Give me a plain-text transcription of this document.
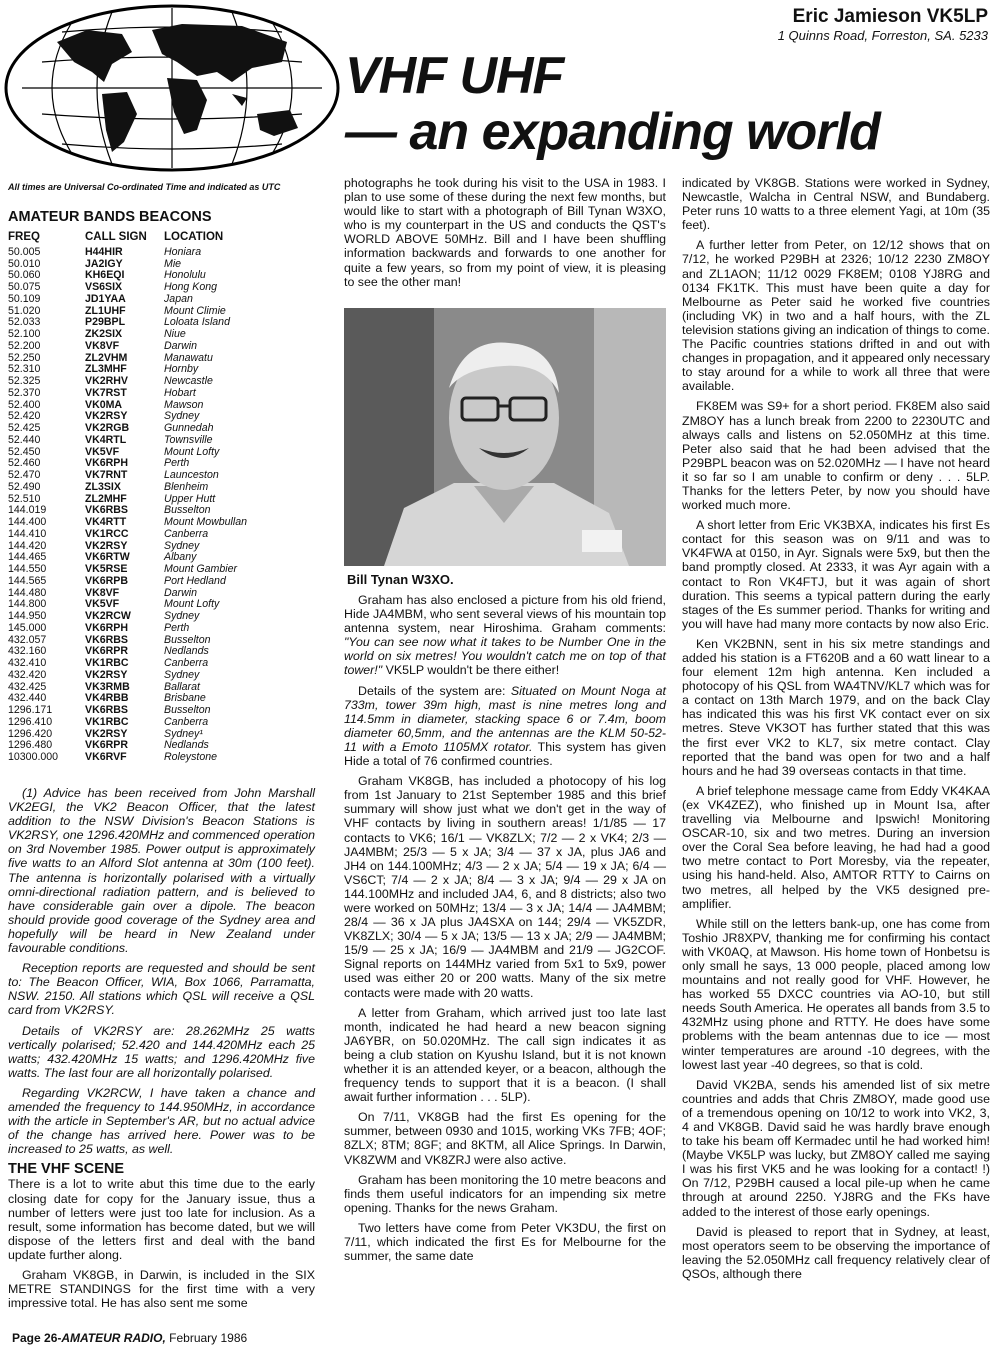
Eric Jamieson VK5LP
1 Quinns Road, Forreston, SA. 5233
VHF UHF
— an expanding world
All times are Universal Co-ordinated Time and indicated as UTC
AMATEUR BANDS BEACONS
FREQ	CALL SIGN	LOCATION
50.005	H44HIR	Honiara
50.010	JA2IGY	Mie
50.060	KH6EQI	Honolulu
50.075	VS6SIX	Hong Kong
50.109	JD1YAA	Japan
51.020	ZL1UHF	Mount Climie
52.033	P29BPL	Loloata Island
52.100	ZK2SIX	Niue
52.200	VK8VF	Darwin
52.250	ZL2VHM	Manawatu
52.310	ZL3MHF	Hornby
52.325	VK2RHV	Newcastle
52.370	VK7RST	Hobart
52.400	VK0MA	Mawson
52.420	VK2RSY	Sydney
52.425	VK2RGB	Gunnedah
52.440	VK4RTL	Townsville
52.450	VK5VF	Mount Lofty
52.460	VK6RPH	Perth
52.470	VK7RNT	Launceston
52.490	ZL3SIX	Blenheim
52.510	ZL2MHF	Upper Hutt
144.019	VK6RBS	Busselton
144.400	VK4RTT	Mount Mowbullan
144.410	VK1RCC	Canberra
144.420	VK2RSY	Sydney
144.465	VK6RTW	Albany
144.550	VK5RSE	Mount Gambier
144.565	VK6RPB	Port Hedland
144.480	VK8VF	Darwin
144.800	VK5VF	Mount Lofty
144.950	VK2RCW	Sydney
145.000	VK6RPH	Perth
432.057	VK6RBS	Busselton
432.160	VK6RPR	Nedlands
432.410	VK1RBC	Canberra
432.420	VK2RSY	Sydney
432.425	VK3RMB	Ballarat
432.440	VK4RBB	Brisbane
1296.171	VK6RBS	Busselton
1296.410	VK1RBC	Canberra
1296.420	VK2RSY	Sydney¹
1296.480	VK6RPR	Nedlands
10300.000	VK6RVF	Roleystone

(1) Advice has been received from John Marshall VK2EGI, the VK2 Beacon Officer, that the latest addition to the NSW Division's Beacon Stations is VK2RSY, one 1296.420MHz and commenced operation on 3rd November 1985. Power output is approximately five watts to an Alford Slot antenna at 30m (100 feet). The antenna is horizontally polarised with a virtually omni-directional radiation pattern, and is believed to have considerable gain over a dipole. The beacon should provide good coverage of the Sydney area and hopefully will be heard in New Zealand under favourable conditions.

Reception reports are requested and should be sent to: The Beacon Officer, WIA, Box 1066, Parramatta, NSW. 2150. All stations which QSL will receive a QSL card from VK2RSY.

Details of VK2RSY are: 28.262MHz 25 watts vertically polarised; 52.420 and 144.420MHz each 25 watts; 432.420MHz 15 watts; and 1296.420MHz five watts. The last four are all horizontally polarised.

Regarding VK2RCW, I have taken a chance and amended the frequency to 144.950MHz, in accordance with the article in September's AR, but no actual advice of the change has arrived here. Power was to be increased to 25 watts, as well.

THE VHF SCENE

There is a lot to write abut this time due to the early closing date for copy for the January issue, thus a number of letters were just too late for inclusion. As a result, some information has become dated, but we will dispose of the letters first and deal with the band update further along.

Graham VK8GB, in Darwin, is included in the SIX METRE STANDINGS for the first time with a very impressive total. He has also sent me some

photographs he took during his visit to the USA in 1983. I plan to use some of these during the next few months, but would like to start with a photograph of Bill Tynan W3XO, who is my counterpart in the US and conducts the QST's WORLD ABOVE 50MHz. Bill and I have been shuffling information backwards and forwards to one another for quite a few years, so from my point of view, it is pleasing to see the other man!

Bill Tynan W3XO.

Graham has also enclosed a picture from his old friend, Hide JA4MBM, who sent several views of his mountain top antenna system, near Hiroshima. Graham comments: "You can see now what it takes to be Number One in the world on six metres! You wouldn't catch me on top of that tower!" VK5LP wouldn't be there either!

Details of the system are: Situated on Mount Noga at 733m, tower 39m high, mast is nine metres long and 114.5mm in diameter, stacking space 6 or 7.4m, boom diameter 60,5mm, and the antennas are the KLM 50-52-11 with a Emoto 1105MX rotator. This system has given Hide a total of 76 confirmed countries.

Graham VK8GB, has included a photocopy of his log from 1st January to 21st September 1985 and this brief summary will show just what we don't get in the way of VHF contacts by living in southern areas! 1/1/85 — 17 contacts to VK6; 16/1 — VK8ZLX; 7/2 — 2 x VK4; 2/3 — JA4MBM; 25/3 — 5 x JA; 3/4 — 37 x JA, plus JA6 and JH4 on 144.100MHz; 4/3 — 2 x JA; 5/4 — 19 x JA; 6/4 — VS6CT; 7/4 — 2 x JA; 8/4 — 3 x JA; 9/4 — 29 x JA on 144.100MHz and included JA4, 6, and 8 districts; also two were worked on 50MHz; 13/4 — 3 x JA; 14/4 — JA4MBM; 28/4 — 36 x JA plus JA4SXA on 144; 29/4 — VK5ZDR, VK8ZLX; 30/4 — 5 x JA; 13/5 — 13 x JA; 2/9 — JA4MBM; 15/9 — 25 x JA; 16/9 — JA4MBM and 21/9 — JG2COF. Signal reports on 144MHz varied from 5x1 to 5x9, power used was either 20 or 200 watts. Many of the six metre contacts were made with 20 watts.

A letter from Graham, which arrived just too late last month, indicated he had heard a new beacon signing JA6YBR, on 50.020MHz. The call sign indicates it as being a club station on Kyushu Island, but it is not known whether it is an attended keyer, or a beacon, although the frequency tends to support that it is a beacon. (I shall await further information . . . 5LP).

On 7/11, VK8GB had the first Es opening for the summer, between 0930 and 1015, working VKs 7FB; 4OF; 8ZLX; 8TM; 8GF; and 8KTM, all Alice Springs. In Darwin, VK8ZWM and VK8ZRJ were also active.

Graham has been monitoring the 10 metre beacons and finds them useful indicators for an impending six metre opening. Thanks for the news Graham.

Two letters have come from Peter VK3DU, the first on 7/11, which indicated the first Es for Melbourne for the summer, the same date

indicated by VK8GB. Stations were worked in Sydney, Newcastle, Walcha in Central NSW, and Bundaberg. Peter runs 10 watts to a three element Yagi, at 10m (35 feet).

A further letter from Peter, on 12/12 shows that on 7/12, he worked P29BH at 2326; 10/12 2230 ZM8OY and ZL1AON; 11/12 0029 FK8EM; 0108 YJ8RG and 0134 FK1TK. This must have been quite a day for Melbourne as Peter said he worked five countries (including VK) in two and a half hours, with the ZL television stations giving an indication of things to come. The Pacific countries stations drifted in and out with changes in propagation, and it appeared only necessary to stay around for a while to work all three that were available.

FK8EM was S9+ for a short period. FK8EM also said ZM8OY has a lunch break from 2200 to 2230UTC and always calls and listens on 52.050MHz at this time. Peter also said that he had been advised that the P29BPL beacon was on 52.020MHz — I have not heard it so far so I am unable to confirm or deny . . . 5LP. Thanks for the letters Peter, by now you should have worked much more.

A short letter from Eric VK3BXA, indicates his first Es contact for this season was on 9/11 and was to VK4FWA at 0150, in Ayr. Signals were 5x9, but then the band promptly closed. At 2333, it was Ayr again with a contact to Ron VK4FTJ, but it was again of short duration. This seems a typical pattern during the early stages of the Es summer period. Thanks for writing and you will have had many more contacts by now also Eric.

Ken VK2BNN, sent in his six metre standings and added his station is a FT620B and a 60 watt linear to a four element 12m high antenna. Ken included a photocopy of his QSL from WA4TNV/KL7 which was for a contact on 13th March 1979, and on the back Clay has indicated this was his first VK contact ever on six metres. Steve VK3OT has further stated that this was the first ever VK2 to KL7, six metre contact. Clay reported that the band was open for two and a half hours and he had 39 overseas contacts in that time.

A brief telephone message came from Eddy VK4KAA (ex VK4ZEZ), who finished up in Mount Isa, after travelling via Melbourne and Ipswich! Monitoring OSCAR-10, six and two metres. During an inversion over the Coral Sea before leaving, he had had a good two metre contact to Port Moresby, via the repeater, using his hand-held. Also, AMTOR RTTY to Cairns on two metres, all helped by the VK5 designed pre-amplifier.

While still on the letters bank-up, one has come from Toshio JR8XPV, thanking me for confirming his contact with VK0AQ, at Mawson. His home town of Honbetsu is only small he says, 13 000 people, placed among low mountains and not really good for VHF. However, he has worked 55 DXCC countries via AO-10, but still needs South America. He operates all bands from 3.5 to 432MHz using phone and RTTY. He does have some problems with the beam antennas due to ice — most winter temperatures are around -10 degrees, with the lowest last year -40 degrees, so that is cold.

David VK2BA, sends his amended list of six metre countries and adds that Chris ZM8OY, made good use of a tremendous opening on 10/12 to work into VK2, 3, 4 and VK8GB. David said he was hardly brave enough to take his beam off Kermadec until he had worked him! (Maybe VK5LP was lucky, but ZM8OY called me saying I was his first VK5 and he was looking for a contact! !) On 7/12, P29BH caused a local pile-up when he came through at around 2250. YJ8RG and the FKs have added to the interest of those early openings.

David is pleased to report that in Sydney, at least, most operators seem to be observing the importance of leaving the 52.050MHz call frequency relatively clear of QSOs, although there

Page 26-AMATEUR RADIO, February 1986
